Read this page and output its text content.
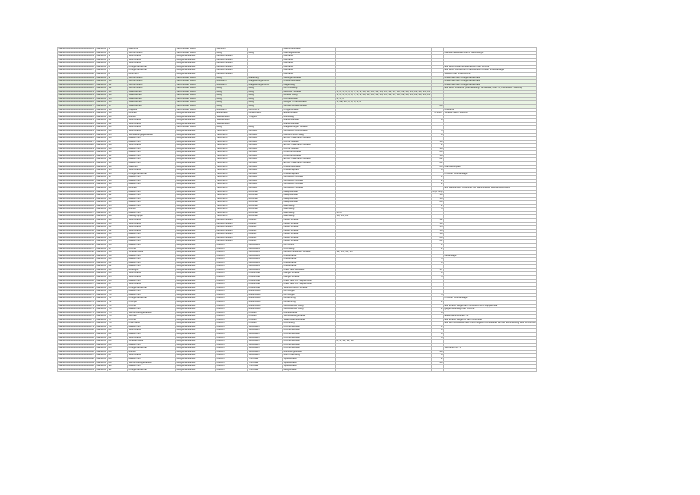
DE4691000000000000000001	DE4691	1	Bahnhof	Jerichower Land	Genthin		Bahnhofstraße			
DE4691000000000000000002	DE4691	2	Schornstein	Jerichower Land	Burg	Burg	Fabrikgelände			Landschaftsbau durch Steinbergs
DE4691000000000000000003	DE4691	3	Wohnhaus	Burgenlandkreis	Hohenmölsen		Altmarkt			
DE4691000000000000000004	DE4691	4	Wohnhaus	Burgenlandkreis	Hohenmölsen		Altmarkt			
DE4691000000000000000005	DE4691	5	Wohnhaus	Burgenlandkreis	Hohenmölsen		Altmarkt			
DE4691000000000000000006	DE4691	6	Kriegerdenkmal	Burgenlandkreis	Hohenmölsen		Altmarkt			auf dem Areal sondieranlich der Kirche
DE4691000000000000000007	DE4691	7	Kriegerdenkmal	Burgenlandkreis	Hohenmölsen		Altmarkt			auf dem nördlichen Platzbereich erster Innenanlage
DE4691000000000000000008	DE4691	8	Brunnen	Burgenlandkreis	Hohenmölsen		Altmarkt			südlich der Pfarrkirche
DE4691000000000000000009	DE4691	9	Schornstein	Jerichower Land	Burg	Madburg	Georgenstraße			unterhalb der Kriegerdenkmals
DE4691000000000000000010	DE4691	10	Schornstein	Jerichower Land	Möckern	Magdeburgerforth	Friedhofstraße			unterhalb der Kriegerdenkmals
DE4691000000000000000011	DE4691	11	Schornstein	Jerichower Land	Möckern	Magdeburgerforth	Lägerweg			unterhalb der Kriegerdenkmals
DE4691000000000000000012	DE4691	12	Schornstein	Jerichower Land	Burg	Burg	Am Flutweg			auf dem Friedhof (Gemarkung: Schartau, Flur: 2, Flurstück: 102/28)
DE4691000000000000000013	DE4691	13	Stadtviertel	Jerichower Land	Burg	Burg	Berliner Straße	1, 2, 3, 4, 5, 6, 7, 8, 9, 10, 11, 12, 13, 14, 15, 16, 17, 18, 19, 20, 21, 22, 23, 24, 25		
DE4691000000000000000014	DE4691	14	Stadtviertel	Jerichower Land	Burg	Burg	Bruder Weg	1, 2, 3, 4, 5, 6, 7, 8, 9, 10, 11, 12, 13, 14, 15, 16, 17, 18, 19, 20, 21, 22, 23, 24, 25		
DE4691000000000000000015	DE4691	15	Stadtviertel	Jerichower Land	Burg	Burg	Kurzestraße	4, 5, 6		
DE4691000000000000000016	DE4691	16	Stadtviertel	Jerichower Land	Burg	Burg	Burger Triftenstraße	1, 2a, 2b, 3, 4, 5, 6, 8		
DE4691000000000000000017	DE4691	17	Stadtviertel	Jerichower Land	Burg	Burg	Große Brüderstraße		20	
DE4691000000000000000018	DE4691	18	Kapelle	Jerichower Land	Möckern	Dörnitz/V.	Pingerstraße			Friedhof
DE4691000000000000000019	DE4691	19	Brücke	Burgenlandkreis	Elsteraue	Draschwitz	Elsterstraße		0.3667	Straße nach Söllnitz
DE4691000000000000000020	DE4691	20	Mühle	Burgenlandkreis	Weißenfels	Tröglitz	Mühlweg			
DE4691000000000000000021	DE4691	21	Wohnhaus	Burgenlandkreis	Weißenfels		Marienstraße		9	
DE4691000000000000000022	DE4691	22	Wohnhaus	Burgenlandkreis	Weißenfels		Marienstraße			
DE4691000000000000000023	DE4691	23	Wohnhaus	Jerichower Land	Burg	Burg	Magdeburger Straße			
DE4691000000000000000024	DE4691	24	Wohnhaus	Burgenlandkreis	Teuchern	Gröben	Gröbener Dorfstraße		5	
DE4691000000000000000025	DE4691	25	Verwaltungsgebäude	Burgenlandkreis	Teuchern	Gröben	Alfred-Fritze-Weg		9	
DE4691000000000000000026	DE4691	26	Bauernhof	Burgenlandkreis	Teuchern	Gröben	Ernst-Thälmann-Straße			
DE4691000000000000000027	DE4691	27	Bauernhof	Burgenlandkreis	Teuchern	Gröben	Kurze Gasse		10	
DE4691000000000000000028	DE4691	28	Wohnhaus	Burgenlandkreis	Teuchern	Gröben	Ernst-Thälmann-Straße		2	
DE4691000000000000000029	DE4691	29	Bauernhof	Burgenlandkreis	Teuchern	Gröben	Kurze Gasse		38	
DE4691000000000000000030	DE4691	30	Bauernhof	Burgenlandkreis	Teuchern	Gröben	Kirschenstraße		20	
DE4691000000000000000031	DE4691	31	Bauernhof	Burgenlandkreis	Teuchern	Gröben	Kirschenstraße		18	
DE4691000000000000000032	DE4691	32	Bauernhof	Burgenlandkreis	Teuchern	Gröben	Ernst-Thälmann-Straße		22	
DE4691000000000000000033	DE4691	33	Bauernhof	Burgenlandkreis	Teuchern	Gröben	Ernst-Thälmann-Straße		21	
DE4691000000000000000034	DE4691	34	Gasthof	Burgenlandkreis	Teuchern	Gröben	Friedhofstraße		20	Fachwerkplan
DE4691000000000000000035	DE4691	35	Wohnhaus	Burgenlandkreis	Teuchern	Gröben	Friedensplatz		4	
DE4691000000000000000036	DE4691	36	Kriegerdenkmal	Burgenlandkreis	Teuchern	Gröben	Friedensplatz			in einer Grünanlage
DE4691000000000000000037	DE4691	37	Bauernhof	Burgenlandkreis	Teuchern	Gröben	Gröbener Winkel		1	
DE4691000000000000000038	DE4691	38	Bauernhof	Burgenlandkreis	Teuchern	Gröben	Gröbener Winkel		2	
DE4691000000000000000039	DE4691	39	Bauernhof	Burgenlandkreis	Teuchern	Gröben	Gröbener Winkel		2	
DE4691000000000000000040	DE4691	40	Brücke	Burgenlandkreis	Teuchern	Gröben	Gröbener Straße			am westlichen Ortsrand zur Bahntrasse Weißenfels-Zeitz
DE4691000000000000000041	DE4691	41	Bauernhof	Burgenlandkreis	Teuchern	Runthal	Hauptstraße		9 (D 5/4)	
DE4691000000000000000042	DE4691	42	Bauernhof	Burgenlandkreis	Teuchern	Runthal	Hauptstraße		14	
DE4691000000000000000043	DE4691	43	Bauernhof	Burgenlandkreis	Teuchern	Runthal	Hauptstraße		16	
DE4691000000000000000044	DE4691	44	Bauernhof	Burgenlandkreis	Teuchern	Runthal	Hauptstraße		20	
DE4691000000000000000045	DE4691	45	Bauernhof	Burgenlandkreis	Teuchern	Runthal	Bachweg		2	
DE4691000000000000000046	DE4691	46	Mühle	Burgenlandkreis	Teuchern	Runthal	Bachweg		5	
DE4691000000000000000047	DE4691	47	Bauernhof	Burgenlandkreis	Teuchern	Runthal	Bachweg	25 b		
DE4691000000000000000048	DE4691	48	Hausgruppe	Burgenlandkreis	Teuchern	Runthal	Bachweg	18, 19, 20		
DE4691000000000000000049	DE4691	49	Wohnhaus	Burgenlandkreis	Hohenmölsen	Keutitz	Neue Straße		12	
DE4691000000000000000050	DE4691	50	Wohnhaus	Burgenlandkreis	Hohenmölsen	Keutitz	Neue Straße		13	
DE4691000000000000000051	DE4691	51	Wohnhaus	Burgenlandkreis	Hohenmölsen	Keutitz	Neue Straße		15	
DE4691000000000000000052	DE4691	52	Wohnhaus	Burgenlandkreis	Hohenmölsen	Keutitz	Neue Straße		16	
DE4691000000000000000053	DE4691	53	Bauernhof	Burgenlandkreis	Hohenmölsen	Keutitz	Neue Straße		18	
DE4691000000000000000054	DE4691	54	Bauernhof	Burgenlandkreis	Hohenmölsen	Keutitz	Neue Straße		20	
DE4691000000000000000055	DE4691	55	Bauernhof	Burgenlandkreis	Hohenmölsen	Keutitz	Neue Straße		21	
DE4691000000000000000056	DE4691	56	Bauernhof	Burgenlandkreis	Lützen	Göthewitz	Am Brühl		1	
DE4691000000000000000057	DE4691	57	Kirche	Burgenlandkreis	Lützen	Göthewitz	Kirchweg		2	
DE4691000000000000000058	DE4691	58	Straßenzeile	Burgenlandkreis	Lützen	Göthewitz	Hohenmölsener Straße	32, 33, 34, 35		
DE4691000000000000000059	DE4691	59	Bauernhof	Burgenlandkreis	Lützen	Göthewitz	Parkstraße			Hofanlage
DE4691000000000000000060	DE4691	60	Bauernhof	Burgenlandkreis	Lützen	Göthewitz	Parkstraße		5	
DE4691000000000000000061	DE4691	61	Bauernhof	Burgenlandkreis	Lützen	Göthewitz	Parkstraße		4	
DE4691000000000000000062	DE4691	62	Bauernhof	Burgenlandkreis	Lützen	Göthewitz	Parkstraße			
DE4691000000000000000063	DE4691	63	Rittergut	Burgenlandkreis	Lützen	Göthewitz	Platz des Aufbaus		17	
DE4691000000000000000064	DE4691	64	Wohnhaus	Burgenlandkreis	Lützen	Kreischau	Lange Straße		3	
DE4691000000000000000065	DE4691	65	Wohnhaus	Burgenlandkreis	Lützen	Kreischau	Lange Straße		5	
DE4691000000000000000066	DE4691	66	Bauernhof	Burgenlandkreis	Lützen	Kreischau	Platz des 31. September			
DE4691000000000000000067	DE4691	67	Wohnhaus	Burgenlandkreis	Lützen	Kreischau	Platz des 31. September			
DE4691000000000000000068	DE4691	68	Kriegerdenkmal	Burgenlandkreis	Lützen	Kreischau	Wurfschützer Straße			
DE4691000000000000000069	DE4691	69	Bauernhof	Burgenlandkreis	Lützen	Muschwitz	Am Anger			
DE4691000000000000000070	DE4691	70	Bauernhof	Burgenlandkreis	Lützen	Muschwitz	Am Anger		5	
DE4691000000000000000071	DE4691	71	Kriegerdenkmal	Burgenlandkreis	Lützen	Muschwitz	Lindenring			in einer Grünanlage
DE4691000000000000000072	DE4691	72	Pumpe	Burgenlandkreis	Lützen	Muschwitz	Lindenring		1	
DE4691000000000000000073	DE4691	73	Kirche	Burgenlandkreis	Lützen	Muschwitz	Göthewitzer Weg			auf einem Hügel am Ortsrand vom Rippachtal
DE4691000000000000000074	DE4691	74	Bauernhof	Burgenlandkreis	Lützen	Muschwitz	Göthewitzer Weg		2	gegenüberliegt der Kirche
DE4691000000000000000075	DE4691	75	Wirtschaftsgebäude	Burgenlandkreis	Lützen	Pobles	Klinikstraße		8	
DE4691000000000000000076	DE4691	76	Schule	Burgenlandkreis	Lützen	Pobles	Schlossbergstraße			Eisenbahnbrücke 74
DE4691000000000000000077	DE4691	77	Kirche	Burgenlandkreis	Lützen	Pobles	Wachsfabrikstraße			auf einem Hügel in der Ortsmitte
DE4691000000000000000078	DE4691	78	Pfarrhaus	Burgenlandkreis	Lützen	Pobles	Kirchberg			auf der Nordseite des Kirchhügels unmittelbar an der Einfriedung des Kirchhofs
DE4691000000000000000079	DE4691	79	Bauernhof	Burgenlandkreis	Lützen	Söhesten	Kirchenstraße		1	
DE4691000000000000000080	DE4691	80	Wohnhaus	Burgenlandkreis	Lützen	Söhesten	Kirchenstraße		3	
DE4691000000000000000081	DE4691	81	Bauernhof	Burgenlandkreis	Lützen	Söhesten	Kirchenstraße		4	
DE4691000000000000000082	DE4691	82	Wohnhaus	Burgenlandkreis	Lützen	Söhesten	Kirchenstraße		6	
DE4691000000000000000083	DE4691	83	Straßenzeile	Burgenlandkreis	Lützen	Söhesten	Kirchenstraße	8, 9, 10, 11, 12		
DE4691000000000000000084	DE4691	84	Bauernhof	Burgenlandkreis	Lützen	Söhesten	Kirchenstraße			
DE4691000000000000000085	DE4691	85	Kriegerdenkmal	Burgenlandkreis	Lützen	Söhesten	Kirchenstraße			Schulhof Nr. 1
DE4691000000000000000086	DE4691	86	Mühle	Burgenlandkreis	Lützen	Söhesten	Mühlbergstraße		40	
DE4691000000000000000087	DE4691	87	Wohnhaus	Burgenlandkreis	Lützen	Söhesten	Zum Kaufberg		8	
DE4691000000000000000088	DE4691	88	Bauernhof	Burgenlandkreis	Lützen	Thronau	Spielstraße		2	
DE4691000000000000000089	DE4691	89	Wirtschaftsgebäude	Burgenlandkreis	Lützen	Thronau	Spielstraße		44	
DE4691000000000000000090	DE4691	90	Bauernhof	Burgenlandkreis	Lützen	Thronau	Spielstraße			
DE4691000000000000000091	DE4691	91	Kriegerdenkmal	Burgenlandkreis	Lützen	Thronau	Bergstraße			
